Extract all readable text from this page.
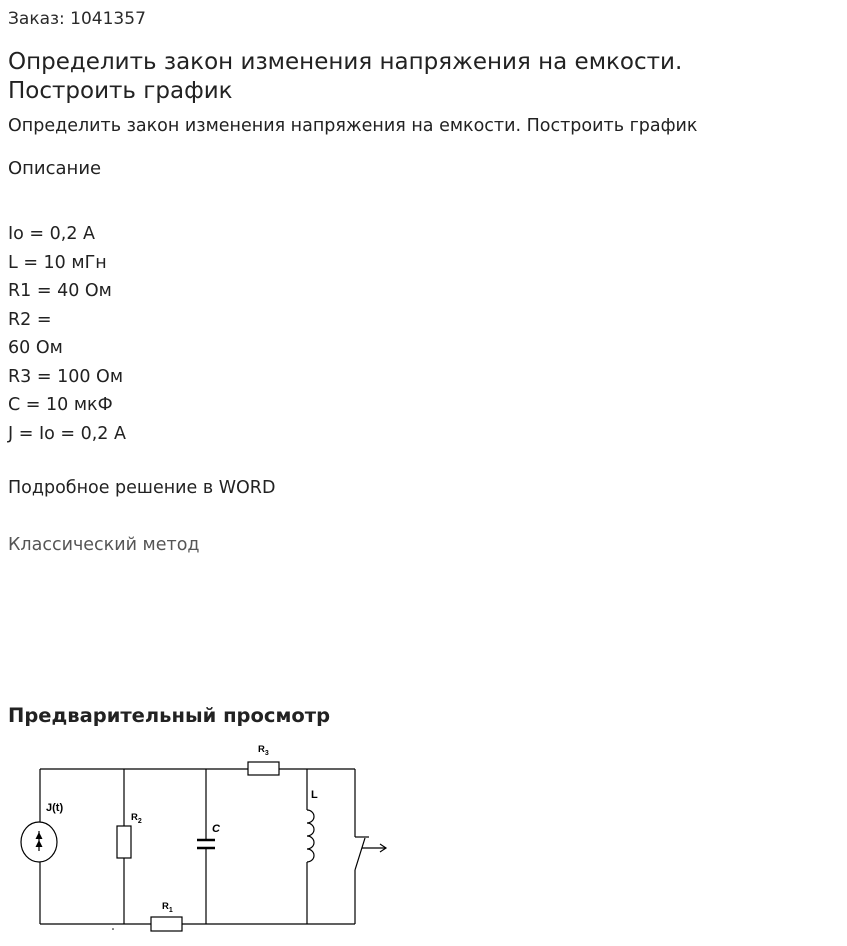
Заказ: 1041357
Определить закон изменения напряжения на емкости. Построить график
Определить закон изменения напряжения на емкости. Построить график
Описание
Io = 0,2 А
L = 10 мГн
R1 = 40 Ом
R2 =
60 Ом
R3 = 100 Ом
C = 10 мкФ
J = Io = 0,2 А
Подробное решение в WORD
Классический метод
Предварительный просмотр
J(t)
$R_2$
$R_1$
C
$R_3$
L
